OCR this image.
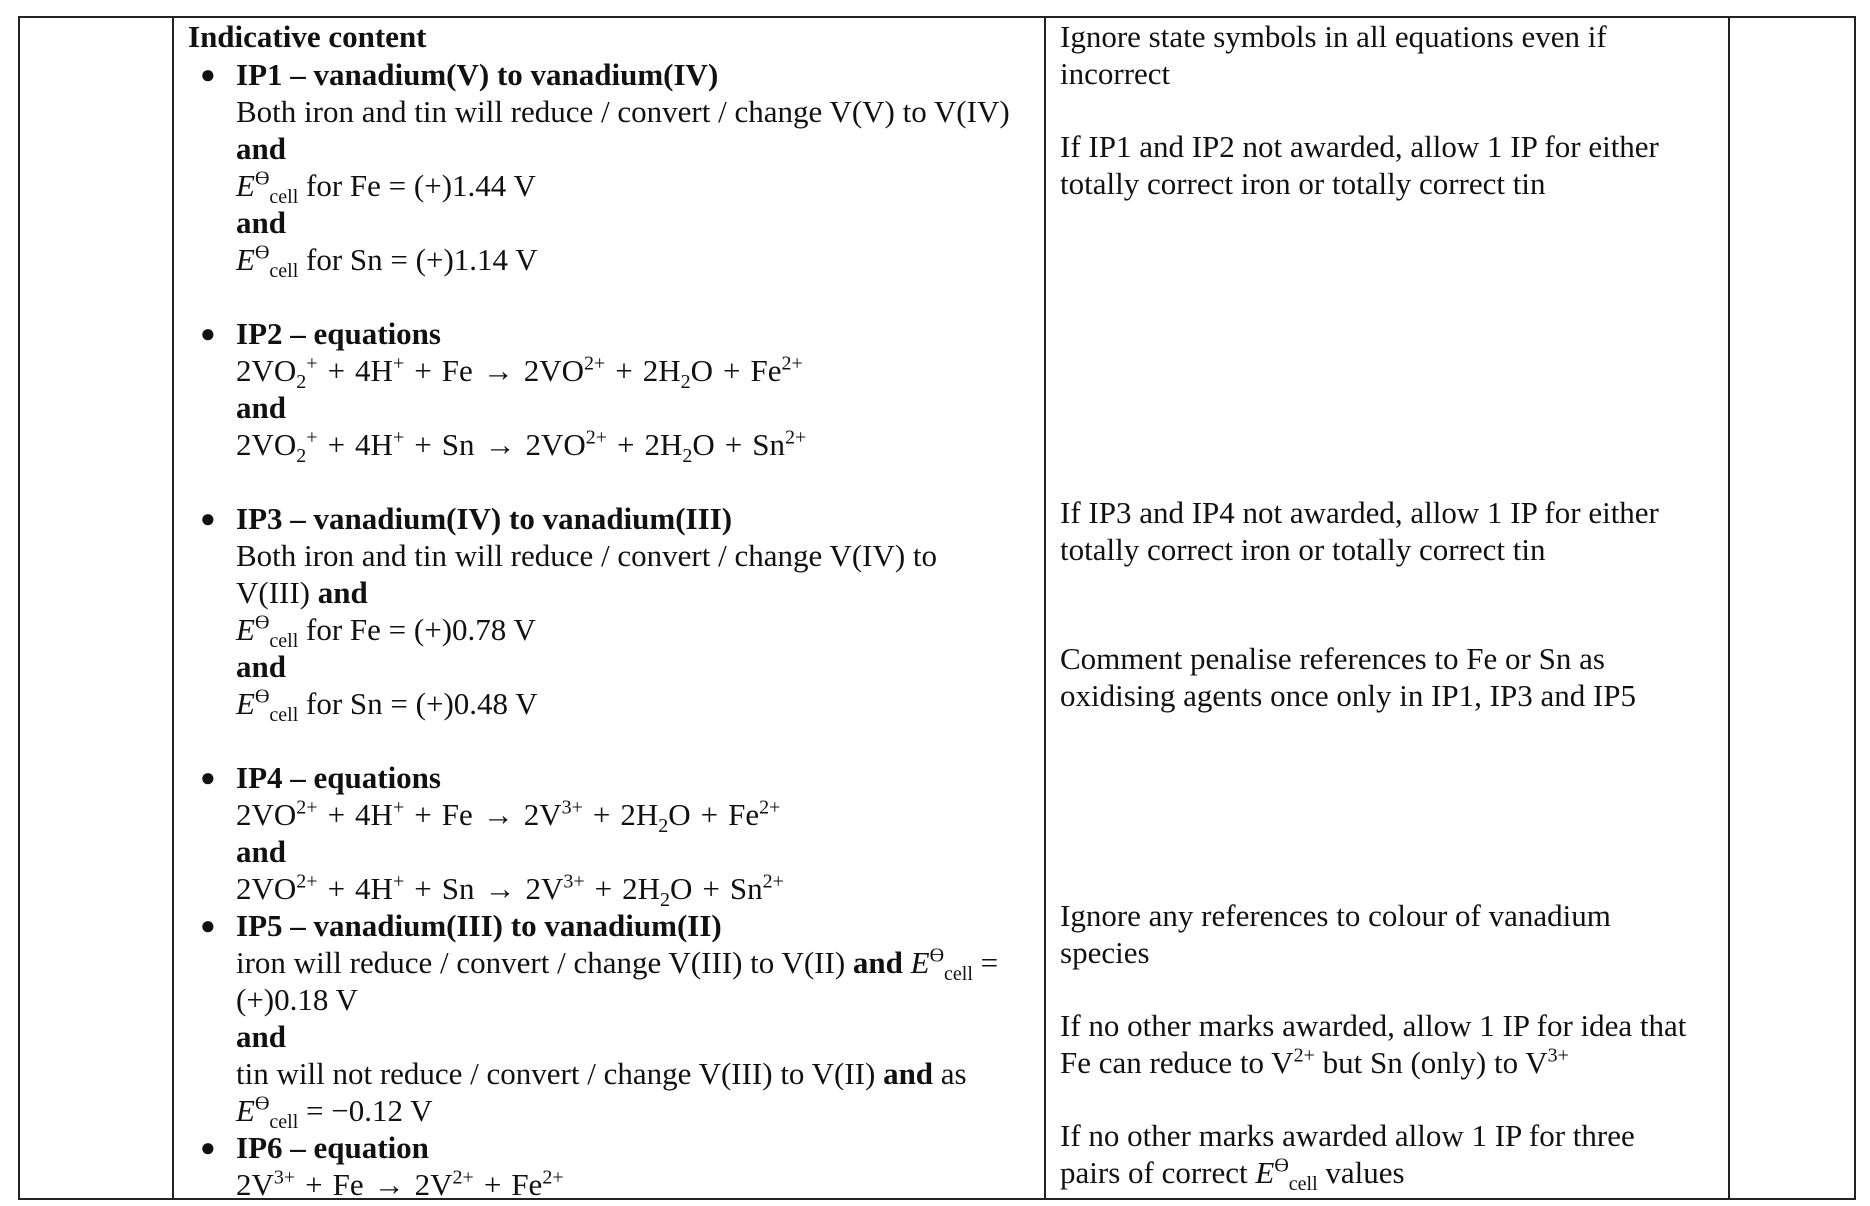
Indicative content
● IP1 – vanadium(V) to vanadium(IV)
Both iron and tin will reduce / convert / change V(V) to V(IV)
and
$E^ϴ_{cell}$ for Fe = (+)1.44 V
and
$E^ϴ_{cell}$ for Sn = (+)1.14 V
● IP2 – equations
$2VO_2^+ + 4H^+ + Fe \to 2VO^{2+} + 2H_2O + Fe^{2+}$
and
$2VO_2^+ + 4H^+ + Sn \to 2VO^{2+} + 2H_2O + Sn^{2+}$
● IP3 – vanadium(IV) to vanadium(III)
Both iron and tin will reduce / convert / change V(IV) to
V(III) and
$E^ϴ_{cell}$ for Fe = (+)0.78 V
and
$E^ϴ_{cell}$ for Sn = (+)0.48 V
● IP4 – equations
$2VO^{2+} + 4H^+ + Fe \to 2V^{3+} + 2H_2O + Fe^{2+}$
and
$2VO^{2+} + 4H^+ + Sn \to 2V^{3+} + 2H_2O + Sn^{2+}$
● IP5 – vanadium(III) to vanadium(II)
iron will reduce / convert / change V(III) to V(II) and $E^ϴ_{cell}$ =
(+)0.18 V
and
tin will not reduce / convert / change V(III) to V(II) and as
$E^ϴ_{cell} = -0.12$ V
● IP6 – equation
$2V^{3+} + Fe \to 2V^{2+} + Fe^{2+}$
Ignore state symbols in all equations even if
incorrect
If IP1 and IP2 not awarded, allow 1 IP for either
totally correct iron or totally correct tin
If IP3 and IP4 not awarded, allow 1 IP for either
totally correct iron or totally correct tin
Comment penalise references to Fe or Sn as
oxidising agents once only in IP1, IP3 and IP5
Ignore any references to colour of vanadium
species
If no other marks awarded, allow 1 IP for idea that
Fe can reduce to $V^{2+}$ but Sn (only) to $V^{3+}$
If no other marks awarded allow 1 IP for three
pairs of correct $E^ϴ_{cell}$ values
